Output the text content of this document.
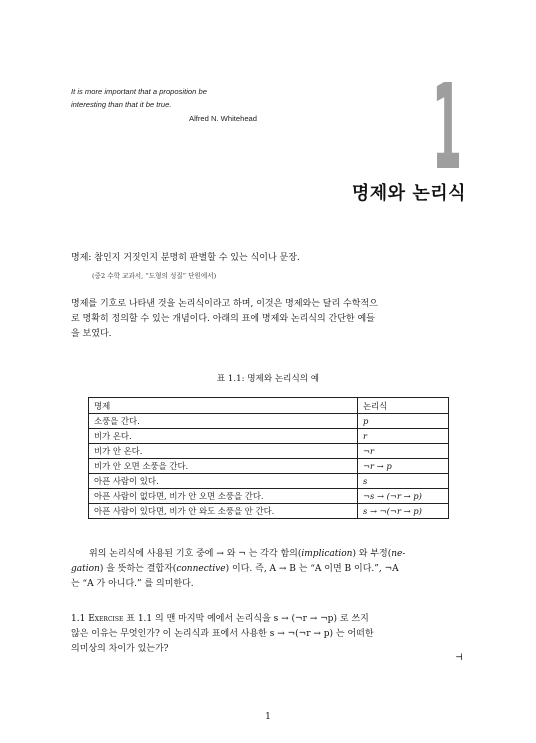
It is more important that a proposition be
interesting than that it be true.
Alfred N. Whitehead 1
명제와 논리식
명제: 참인지 거짓인지 분명히 판별할 수 있는 식이나 문장.
(중2 수학 교과서, “도형의 성질” 단원에서)
명제를 기호로 나타낸 것을 논리식이라고 하며, 이것은 명제와는 달리 수학적으
로 명확히 정의할 수 있는 개념이다. 아래의 표에 명제와 논리식의 간단한 예들
을 보였다.
표 1.1: 명제와 논리식의 예
명제	논리식
소풍을 간다.	p
비가 온다.	r
비가 안 온다.	¬r
비가 안 오면 소풍을 간다.	¬r → p
아픈 사람이 있다.	s
아픈 사람이 없다면, 비가 안 오면 소풍을 간다.	¬s → (¬r → p)
아픈 사람이 있다면, 비가 안 와도 소풍을 안 간다.	s → ¬(¬r → p)
위의 논리식에 사용된 기호 중에 → 와 ¬ 는 각각 함의(implication) 와 부정(ne-
gation) 을 뜻하는 결합자(connective) 이다. 즉, A → B 는 “A 이면 B 이다.”, ¬A
는 “A 가 아니다.” 를 의미한다.
1.1 Exercise 표 1.1 의 맨 마지막 예에서 논리식을 s → (¬r → ¬p) 로 쓰지
않은 이유는 무엇인가? 이 논리식과 표에서 사용한 s → ¬(¬r → p) 는 어떠한
의미상의 차이가 있는가?
⊣
1
